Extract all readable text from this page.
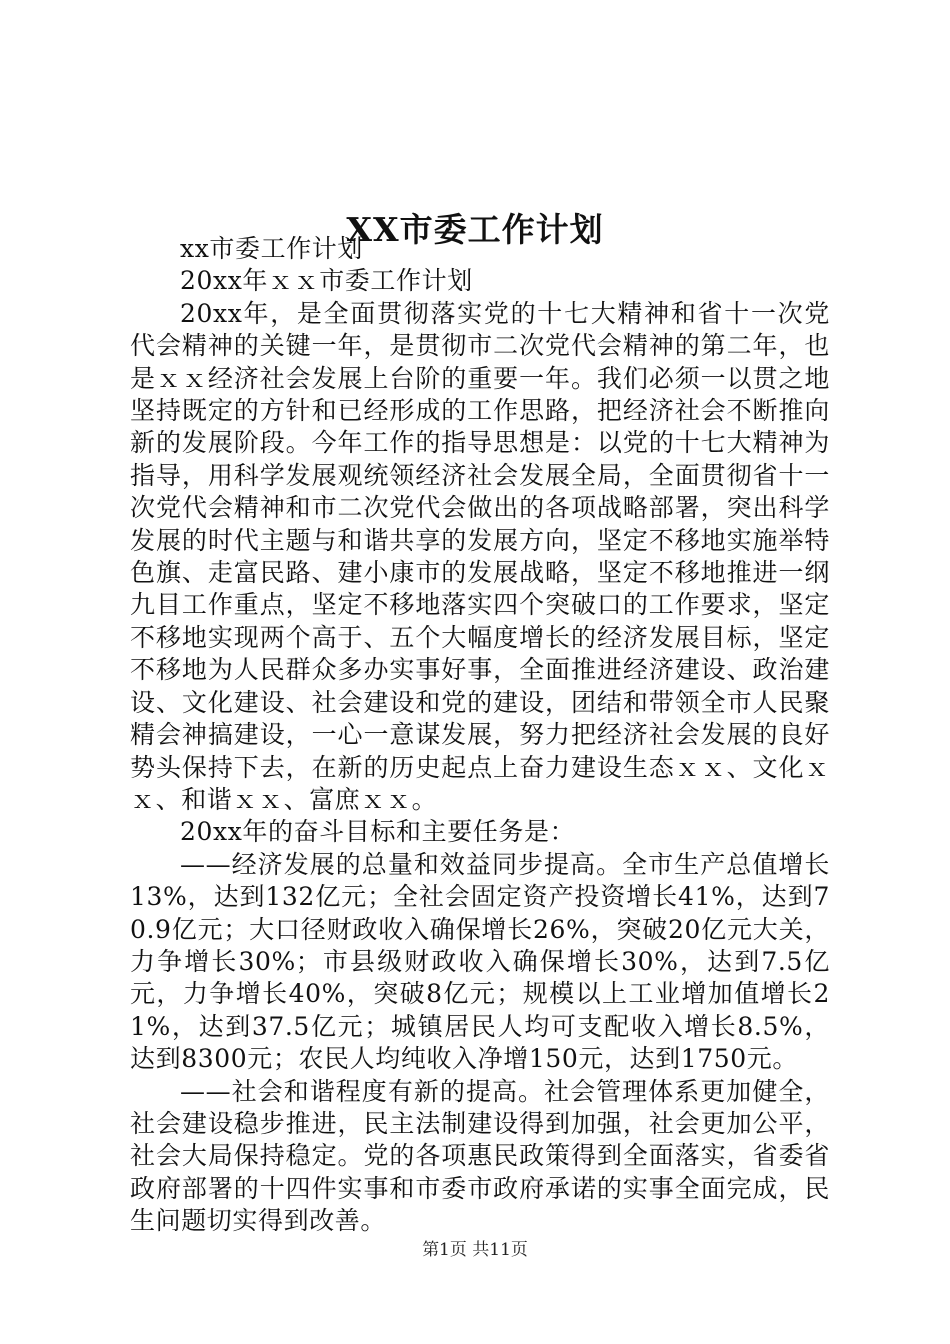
XX市委工作计划

xx市委工作计划

20xx年ｘｘ市委工作计划

20xx年，是全面贯彻落实党的十七大精神和省十一次党代会精神的关键一年，是贯彻市二次党代会精神的第二年，也是ｘｘ经济社会发展上台阶的重要一年。我们必须一以贯之地坚持既定的方针和已经形成的工作思路，把经济社会不断推向新的发展阶段。今年工作的指导思想是：以党的十七大精神为指导，用科学发展观统领经济社会发展全局，全面贯彻省十一次党代会精神和市二次党代会做出的各项战略部署，突出科学发展的时代主题与和谐共享的发展方向，坚定不移地实施举特色旗、走富民路、建小康市的发展战略，坚定不移地推进一纲九目工作重点，坚定不移地落实四个突破口的工作要求，坚定不移地实现两个高于、五个大幅度增长的经济发展目标，坚定不移地为人民群众多办实事好事，全面推进经济建设、政治建设、文化建设、社会建设和党的建设，团结和带领全市人民聚精会神搞建设，一心一意谋发展，努力把经济社会发展的良好势头保持下去，在新的历史起点上奋力建设生态ｘｘ、文化ｘｘ、和谐ｘｘ、富庶ｘｘ。

20xx年的奋斗目标和主要任务是：

——经济发展的总量和效益同步提高。全市生产总值增长13%，达到132亿元；全社会固定资产投资增长41%，达到70.9亿元；大口径财政收入确保增长26%，突破20亿元大关，力争增长30%；市县级财政收入确保增长30%，达到7.5亿元，力争增长40%，突破8亿元；规模以上工业增加值增长21%，达到37.5亿元；城镇居民人均可支配收入增长8.5%，达到8300元；农民人均纯收入净增150元，达到1750元。

——社会和谐程度有新的提高。社会管理体系更加健全，社会建设稳步推进，民主法制建设得到加强，社会更加公平，社会大局保持稳定。党的各项惠民政策得到全面落实，省委省政府部署的十四件实事和市委市政府承诺的实事全面完成，民生问题切实得到改善。

第1页 共11页
